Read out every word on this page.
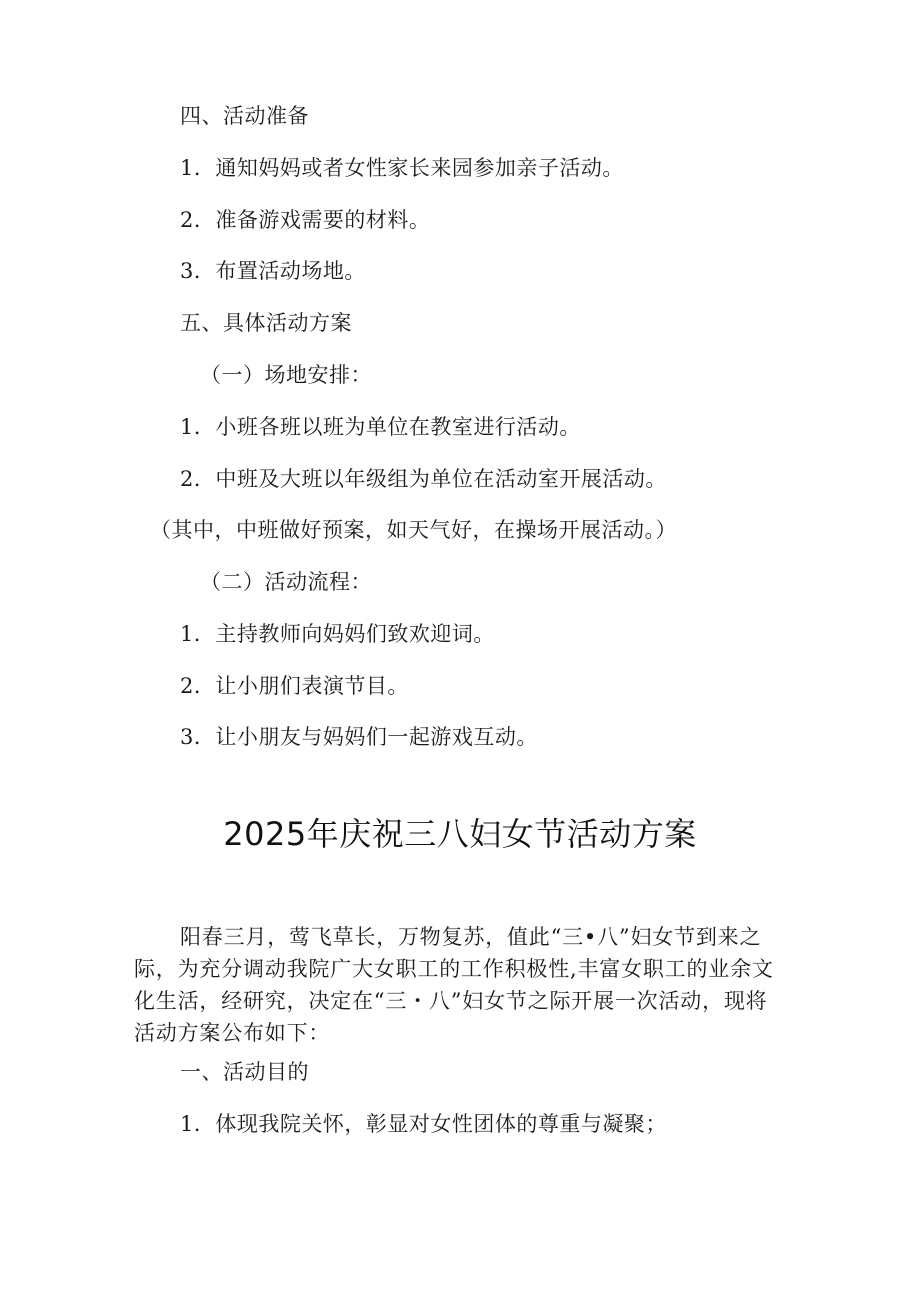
四、活动准备
1．通知妈妈或者女性家长来园参加亲子活动。
2．准备游戏需要的材料。
3．布置活动场地。
五、具体活动方案
（一）场地安排：
1．小班各班以班为单位在教室进行活动。
2．中班及大班以年级组为单位在活动室开展活动。
（其中，中班做好预案，如天气好，在操场开展活动。）
（二）活动流程：
1．主持教师向妈妈们致欢迎词。
2．让小朋们表演节目。
3．让小朋友与妈妈们一起游戏互动。
2025年庆祝三八妇女节活动方案
阳春三月，莺飞草长，万物复苏，值此“三•八”妇女节到来之际，为充分调动我院广大女职工的工作积极性,丰富女职工的业余文化生活，经研究，决定在“三・八”妇女节之际开展一次活动，现将活动方案公布如下：
一、活动目的
1．体现我院关怀，彰显对女性团体的尊重与凝聚；
